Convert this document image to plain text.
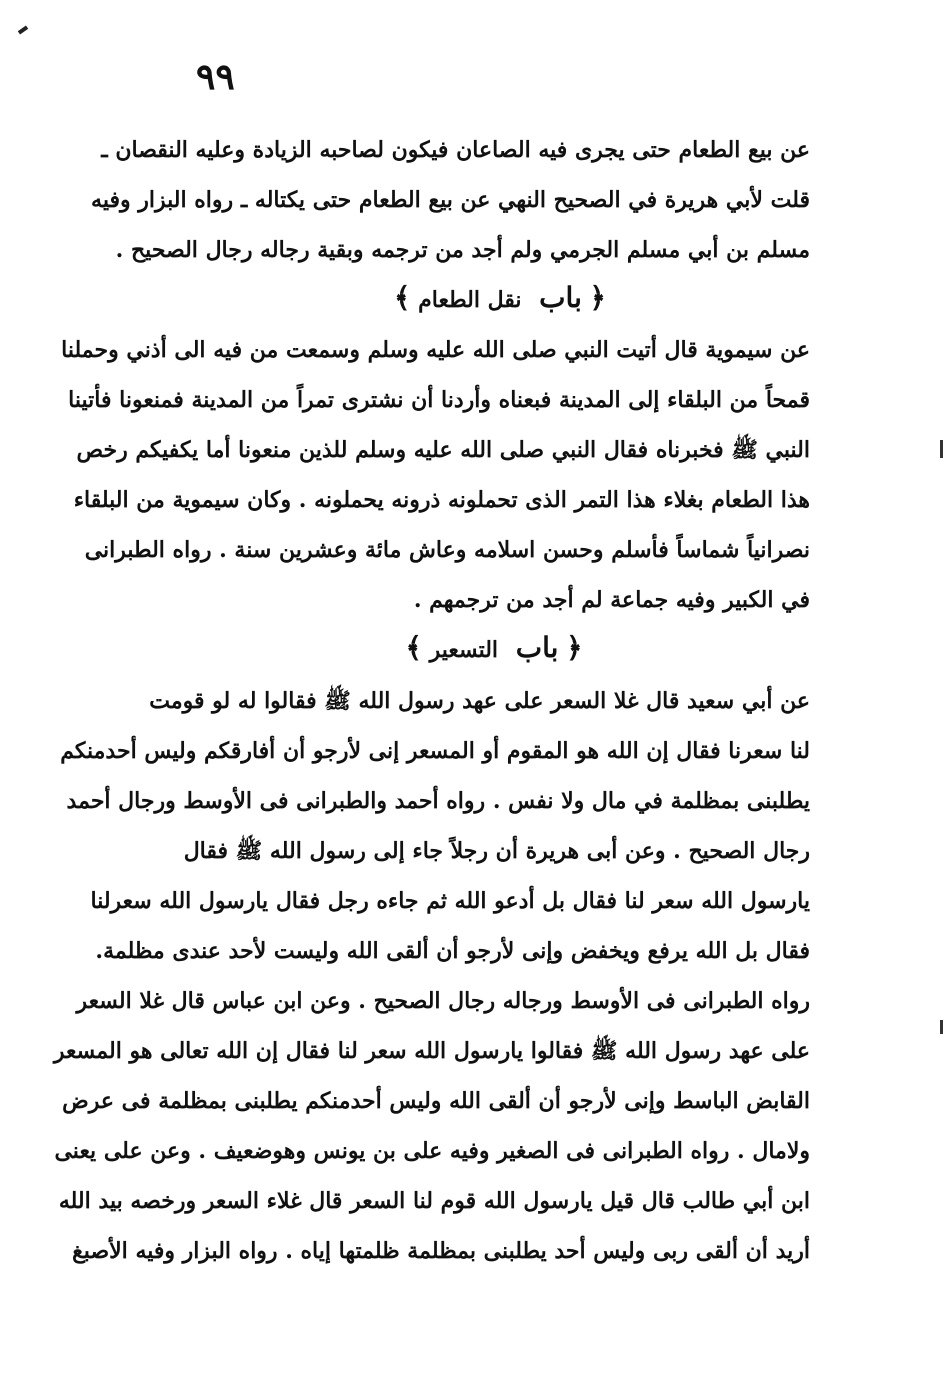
٩٩
عن بيع الطعام حتى يجرى فيه الصاعان فيكون لصاحبه الزيادة وعليه النقصان ـ
قلت لأبي هريرة في الصحيح النهي عن بيع الطعام حتى يكتاله ـ رواه البزار وفيه
مسلم بن أبي مسلم الجرمي ولم أجد من ترجمه وبقية رجاله رجال الصحيح .
﴿ باب نقل الطعام ﴾
عن سيموية قال أتيت النبي صلى الله عليه وسلم وسمعت من فيه الى أذني وحملنا
قمحاً من البلقاء إلى المدينة فبعناه وأردنا أن نشترى تمراً من المدينة فمنعونا فأتينا
النبي ﷺ فخبرناه فقال النبي صلى الله عليه وسلم للذين منعونا أما يكفيكم رخص
هذا الطعام بغلاء هذا التمر الذى تحملونه ذرونه يحملونه . وكان سيموية من البلقاء
نصرانياً شماساً فأسلم وحسن اسلامه وعاش مائة وعشرين سنة . رواه الطبرانى
في الكبير وفيه جماعة لم أجد من ترجمهم .
﴿ باب التسعير ﴾
عن أبي سعيد قال غلا السعر على عهد رسول الله ﷺ فقالوا له لو قومت
لنا سعرنا فقال إن الله هو المقوم أو المسعر إنى لأرجو أن أفارقكم وليس أحدمنكم
يطلبنى بمظلمة في مال ولا نفس . رواه أحمد والطبرانى فى الأوسط ورجال أحمد
رجال الصحيح . وعن أبى هريرة أن رجلاً جاء إلى رسول الله ﷺ فقال
يارسول الله سعر لنا فقال بل أدعو الله ثم جاءه رجل فقال يارسول الله سعرلنا
فقال بل الله يرفع ويخفض وإنى لأرجو أن ألقى الله وليست لأحد عندى مظلمة.
رواه الطبرانى فى الأوسط ورجاله رجال الصحيح . وعن ابن عباس قال غلا السعر
على عهد رسول الله ﷺ فقالوا يارسول الله سعر لنا فقال إن الله تعالى هو المسعر
القابض الباسط وإنى لأرجو أن ألقى الله وليس أحدمنكم يطلبنى بمظلمة فى عرض
ولامال . رواه الطبرانى فى الصغير وفيه على بن يونس وهوضعيف . وعن على يعنى
ابن أبي طالب قال قيل يارسول الله قوم لنا السعر قال غلاء السعر ورخصه بيد الله
أريد أن ألقى ربى وليس أحد يطلبنى بمظلمة ظلمتها إياه . رواه البزار وفيه الأصبغ
